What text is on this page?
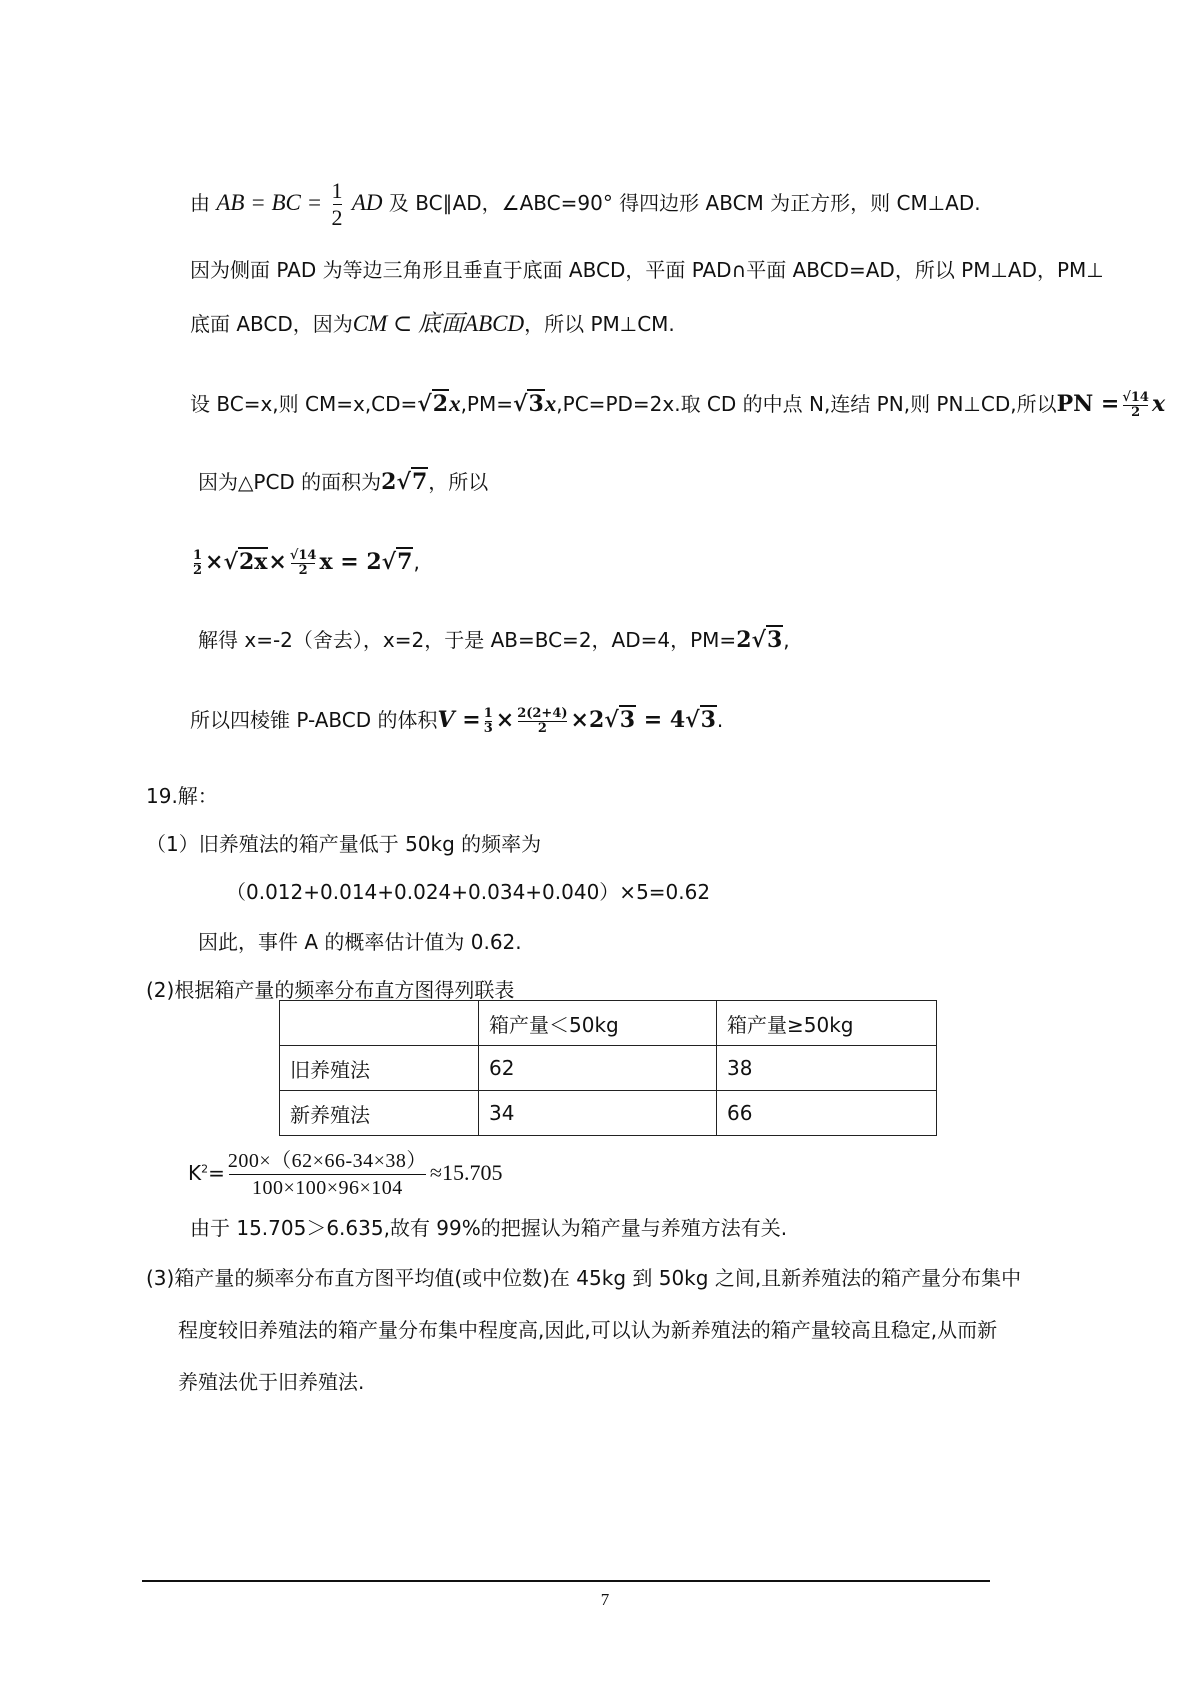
由 AB = BC = $\frac{1}{2}$ AD 及 BC∥AD，∠ABC=90° 得四边形 ABCM 为正方形，则 CM⊥AD.
因为侧面 PAD 为等边三角形且垂直于底面 ABCD，平面 PAD∩平面 ABCD=AD，所以 PM⊥AD，PM⊥
底面 ABCD，因为CM ⊂ 底面ABCD，所以 PM⊥CM.
设 BC=x,则 CM=x,CD=√2x,PM=√3x,PC=PD=2x.取 CD 的中点 N,连结 PN,则 PN⊥CD,所以PN = $\frac{√14}{2}$ x
因为△PCD 的面积为2√7，所以
$\frac{1}{2} \times√2x\times \frac{√14}{2}$ x = 2√7,
解得 x=-2（舍去），x=2，于是 AB=BC=2，AD=4，PM=2√3,
所以四棱锥 P-ABCD 的体积$V = \frac{1}{3} \times \frac{2(2+4)}{2} \times 2√3 = 4√3$.
19.解：
（1）旧养殖法的箱产量低于 50kg 的频率为
（0.012+0.014+0.024+0.034+0.040）×5=0.62
因此，事件 A 的概率估计值为 0.62.
(2)根据箱产量的频率分布直方图得列联表
	箱产量＜50kg	箱产量≥50kg
旧养殖法	62	38
新养殖法	34	66
$K^2= \frac{200\times(62\times 66-34\times 38)}{100\times 100\times 96\times 104} \approx 15.705$
由于 15.705＞6.635,故有 99%的把握认为箱产量与养殖方法有关.
(3)箱产量的频率分布直方图平均值(或中位数)在 45kg 到 50kg 之间,且新养殖法的箱产量分布集中
程度较旧养殖法的箱产量分布集中程度高,因此,可以认为新养殖法的箱产量较高且稳定,从而新
养殖法优于旧养殖法.
7
